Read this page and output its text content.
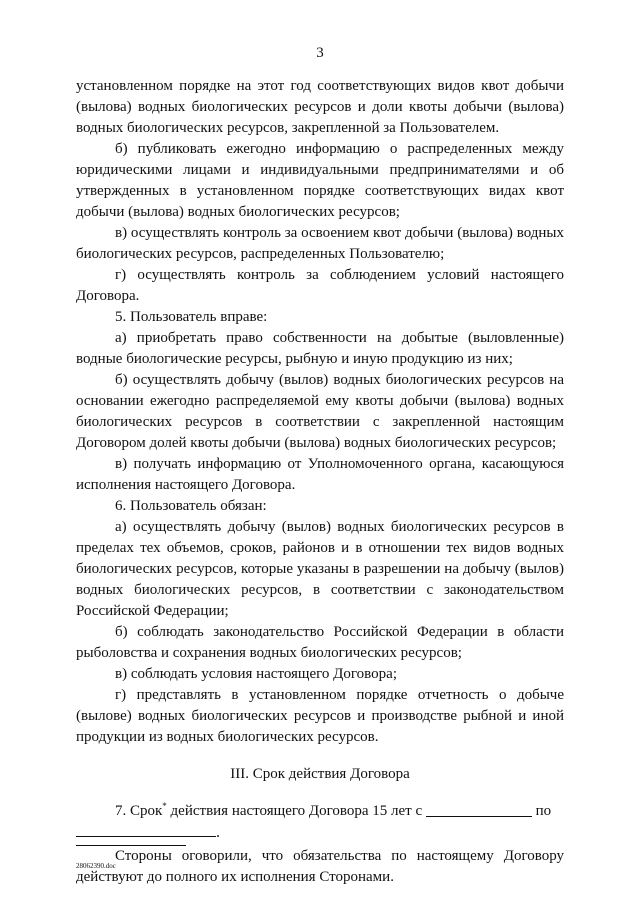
3

установленном порядке на этот год соответствующих видов квот добычи (вылова) водных биологических ресурсов и доли квоты добычи (вылова) водных биологических ресурсов, закрепленной за Пользователем.

б) публиковать ежегодно информацию о распределенных между юридическими лицами и индивидуальными предпринимателями и об утвержденных в установленном порядке соответствующих видах квот добычи (вылова) водных биологических ресурсов;

в) осуществлять контроль за освоением квот добычи (вылова) водных биологических ресурсов, распределенных Пользователю;

г) осуществлять контроль за соблюдением условий настоящего Договора.

5. Пользователь вправе:

а) приобретать право собственности на добытые (выловленные) водные биологические ресурсы, рыбную и иную продукцию из них;

б) осуществлять добычу (вылов) водных биологических ресурсов на основании ежегодно распределяемой ему квоты добычи (вылова) водных биологических ресурсов в соответствии с закрепленной настоящим Договором долей квоты добычи (вылова) водных биологических ресурсов;

в) получать информацию от Уполномоченного органа, касающуюся исполнения настоящего Договора.

6. Пользователь обязан:

а) осуществлять добычу (вылов) водных биологических ресурсов в пределах тех объемов, сроков, районов и в отношении тех видов водных биологических ресурсов, которые указаны в разрешении на добычу (вылов) водных биологических ресурсов, в соответствии с законодательством Российской Федерации;

б) соблюдать законодательство Российской Федерации в области рыболовства и сохранения водных биологических ресурсов;

в) соблюдать условия настоящего Договора;

г) представлять в установленном порядке отчетность о добыче (вылове) водных биологических ресурсов и производстве рыбной и иной продукции из водных биологических ресурсов.

III. Срок действия Договора

7. Срок* действия настоящего Договора 15 лет с	по

.

Стороны оговорили, что обязательства по настоящему Договору действуют до полного их исполнения Сторонами.

28062390.doc
